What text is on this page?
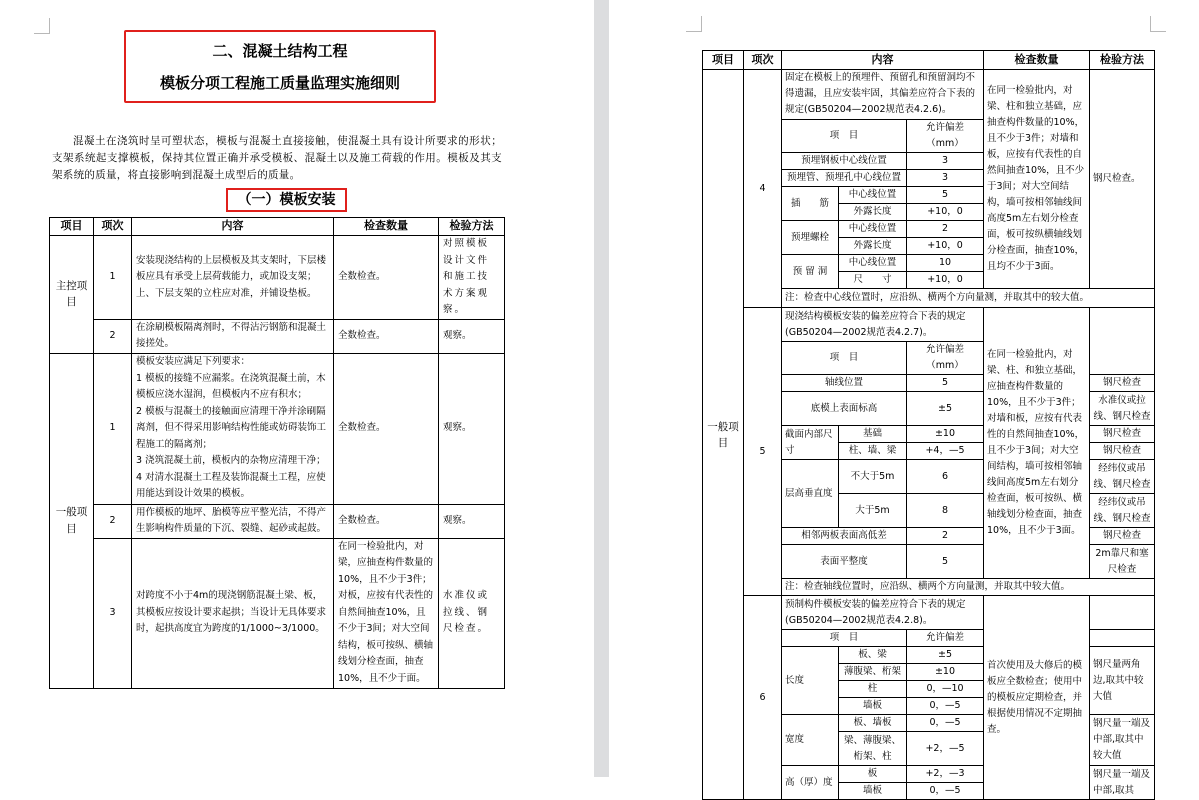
二、混凝土结构工程
模板分项工程施工质量监理实施细则

混凝土在浇筑时呈可塑状态，模板与混凝土直接接触，使混凝土具有设计所要求的形状；支架系统起支撑模板，保持其位置正确并承受模板、混凝土以及施工荷载的作用。模板及其支架系统的质量，将直接影响到混凝土成型后的质量。

（一）模板安装
项目	项次	内容	检查数量	检验方法
主控项目	1	安装现浇结构的上层模板及其支架时，下层楼板应具有承受上层荷载能力，或加设支架；上、下层支架的立柱应对准，并铺设垫板。	全数检查。	对照模板设计文件和施工技术方案观察。
	2	在涂刷模板隔离剂时，不得沾污钢筋和混凝土接搓处。	全数检查。	观察。
一般项目	1	模板安装应满足下列要求：
1 模板的接缝不应漏浆。在浇筑混凝土前，木模板应浇水湿润，但模板内不应有积水；
2 模板与混凝土的接触面应清理干净并涂刷隔离剂，但不得采用影响结构性能或妨碍装饰工程施工的隔离剂；
3 浇筑混凝土前，模板内的杂物应清理干净；
4 对清水混凝土工程及装饰混凝土工程，应使用能达到设计效果的模板。	全数检查。	观察。
	2	用作模板的地坪、胎模等应平整光洁，不得产生影响构件质量的下沉、裂缝、起砂或起鼓。	全数检查。	观察。
	3	对跨度不小于4m的现浇钢筋混凝土梁、板，其模板应按设计要求起拱；当设计无具体要求时，起拱高度宜为跨度的1/1000~3/1000。	在同一检验批内，对梁，应抽查构件数量的10%，且不少于3件；对板，应按有代表性的自然间抽查10%，且不少于3间；对大空间结构，板可按纵、横轴线划分检查面，抽查10%，且不少于面。	水准仪或拉线、钢尺检查。
项目	项次	内容			检查数量	检验方法
一般项目	4	固定在模板上的预埋件、预留孔和预留洞均不得遗漏，且应安装牢固，其偏差应符合下表的规定(GB50204—2002规范表4.2.6)。			在同一检验批内，对梁、柱和独立基础，应抽查构件数量的10%，且不少于3件；对墙和板，应按有代表性的自然间抽查10%，且不少于3间；对大空间结构，墙可按相邻轴线间高度5m左右划分检查面，板可按纵横轴线划分检查面，抽查10%，且均不少于3面。	钢尺检查。
		项　目		允许偏差（mm）		
		预埋钢板中心线位置		3		
		预埋管、预埋孔中心线位置		3		
		插　　筋	中心线位置	5		
			外露长度	+10，0		
		预埋螺栓	中心线位置	2		
			外露长度	+10，0		
		预 留 洞	中心线位置	10		
			尺　　寸	+10，0		
		注：检查中心线位置时，应沿纵、横两个方向量测，并取其中的较大值。				
	5	现浇结构模板安装的偏差应符合下表的规定(GB50204—2002规范表4.2.7)。			在同一检验批内，对梁、柱、和独立基础，应抽查构件数量的10%，且不少于3件；对墙和板，应按有代表性的自然间抽查10%，且不少于3间；对大空间结构，墙可按相邻轴线间高度5m左右划分检查面，板可按纵、横轴线划分检查面，抽查10%，且不少于3面。	
		项　目		允许偏差（mm）		
		轴线位置		5		钢尺检查
		底模上表面标高		±5		水准仪或拉线、钢尺检查
		截面内部尺寸	基础	±10		钢尺检查
			柱、墙、梁	+4，—5		钢尺检查
		层高垂直度	不大于5m	6		经纬仪或吊线、钢尺检查
			大于5m	8		经纬仪或吊线、钢尺检查
		相邻两板表面高低差		2		钢尺检查
		表面平整度		5		2m靠尺和塞尺检查
		注：检查轴线位置时，应沿纵、横两个方向量测，并取其中较大值。				
	6	预制构件模板安装的偏差应符合下表的规定(GB50204—2002规范表4.2.8)。			首次使用及大修后的模板应全数检查；使用中的模板应定期检查，并根据使用情况不定期抽查。	
		项　目		允许偏差		
		长度	板、梁	±5		钢尺量两角边,取其中较大值
			薄腹梁、桁架	±10		
			柱	0，—10		
			墙板	0，—5		
		宽度	板、墙板	0，—5		钢尺量一端及中部,取其中较大值
			梁、薄腹梁、桁架、柱	+2，—5		
		高（厚）度	板	+2，—3		钢尺量一端及中部,取其
			墙板	0，—5		
